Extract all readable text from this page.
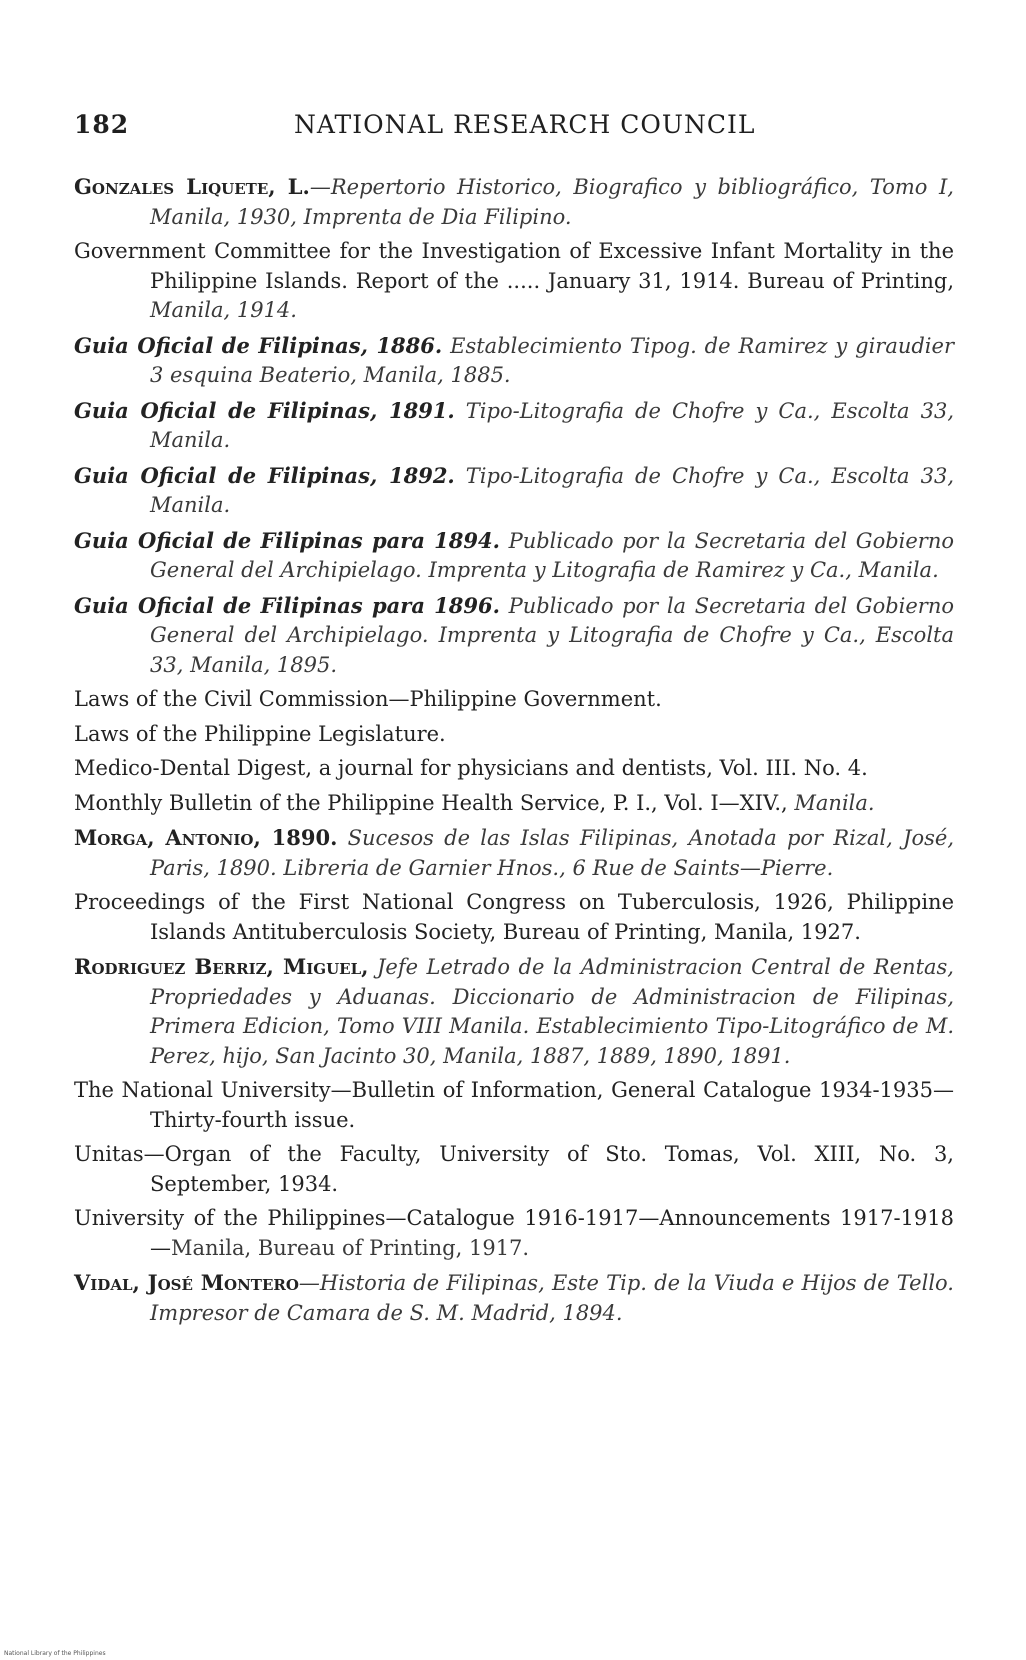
182	NATIONAL RESEARCH COUNCIL

Gonzales Liquete, L.—Repertorio Historico, Biografico y bibliográfico, Tomo I, Manila, 1930, Imprenta de Dia Filipino.

Government Committee for the Investigation of Excessive Infant Mortality in the Philippine Islands. Report of the ..... January 31, 1914. Bureau of Printing, Manila, 1914.

Guia Oficial de Filipinas, 1886. Establecimiento Tipog. de Ramirez y giraudier 3 esquina Beaterio, Manila, 1885.

Guia Oficial de Filipinas, 1891. Tipo-Litografia de Chofre y Ca., Escolta 33, Manila.

Guia Oficial de Filipinas, 1892. Tipo-Litografia de Chofre y Ca., Escolta 33, Manila.

Guia Oficial de Filipinas para 1894. Publicado por la Secretaria del Gobierno General del Archipielago. Imprenta y Litografia de Ramirez y Ca., Manila.

Guia Oficial de Filipinas para 1896. Publicado por la Secretaria del Gobierno General del Archipielago. Imprenta y Litografia de Chofre y Ca., Escolta 33, Manila, 1895.

Laws of the Civil Commission—Philippine Government.

Laws of the Philippine Legislature.

Medico-Dental Digest, a journal for physicians and dentists, Vol. III. No. 4.

Monthly Bulletin of the Philippine Health Service, P. I., Vol. I—XIV., Manila.

Morga, Antonio, 1890. Sucesos de las Islas Filipinas, Anotada por Rizal, José, Paris, 1890. Libreria de Garnier Hnos., 6 Rue de Saints—Pierre.

Proceedings of the First National Congress on Tuberculosis, 1926, Philippine Islands Antituberculosis Society, Bureau of Printing, Manila, 1927.

Rodriguez Berriz, Miguel, Jefe Letrado de la Administracion Central de Rentas, Propriedades y Aduanas. Diccionario de Administracion de Filipinas, Primera Edicion, Tomo VIII Manila. Establecimiento Tipo-Litográfico de M. Perez, hijo, San Jacinto 30, Manila, 1887, 1889, 1890, 1891.

The National University—Bulletin of Information, General Catalogue 1934-1935—Thirty-fourth issue.

Unitas—Organ of the Faculty, University of Sto. Tomas, Vol. XIII, No. 3, September, 1934.

University of the Philippines—Catalogue 1916-1917—Announcements 1917-1918—Manila, Bureau of Printing, 1917.

Vidal, José Montero—Historia de Filipinas, Este Tip. de la Viuda e Hijos de Tello. Impresor de Camara de S. M. Madrid, 1894.

National Library of the Philippines
